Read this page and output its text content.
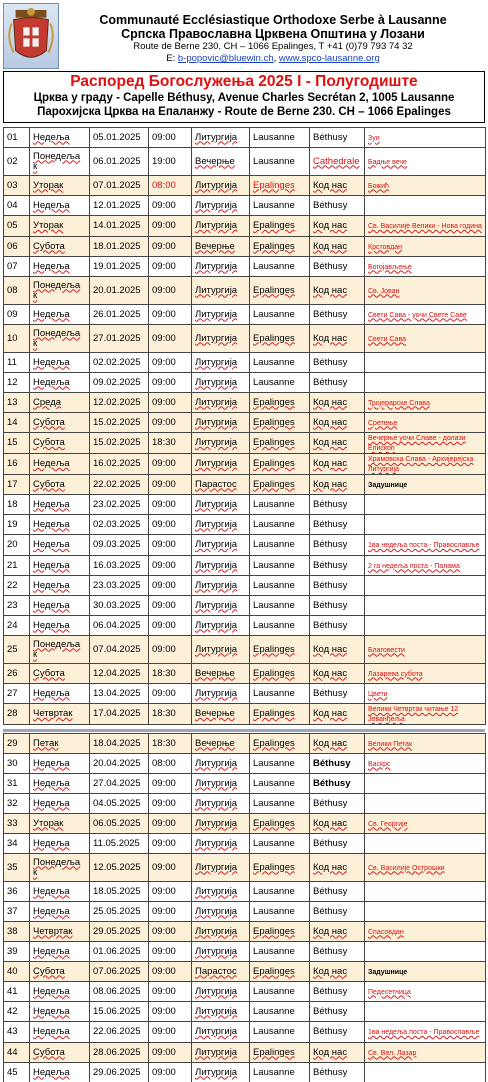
Communauté Ecclésiastique Orthodoxe Serbe à Lausanne
Српска Православна Црквена Општина у Лозани
Route de Berne 230. CH – 1066 Epalinges, T +41 (0)79 793 74 32
E: b-popovic@bluewin.ch, www.spco-lausanne.org
Распоред Богослужења 2025 I - Полугодиште
Црква у граду - Capelle Béthusy, Avenue Charles Secrétan 2, 1005 Lausanne
Парохијска Црква на Епаланжу - Route de Berne 230. CH – 1066 Epalinges
01	Недеља	05.01.2025	09:00	Литургија	Lausanne	Béthusy	Зуи
02	Понедеља к	06.01.2025	19:00	Вечерње	Lausanne	Cathedrale	Бадње вече
03	Уторак	07.01.2025	08:00	Литургија	Epalinges	Код нас	Божић
04	Недеља	12.01.2025	09:00	Литургија	Lausanne	Béthusy	
05	Уторак	14.01.2025	09:00	Литургија	Epalinges	Код нас	Св. Василије Велики - Нова година
06	Субота	18.01.2025	09:00	Вечерње	Epalinges	Код нас	Крстовдан
07	Недеља	19.01.2025	09:00	Литургија	Lausanne	Béthusy	Богојављење
08	Понедеља к	20.01.2025	09:00	Литургија	Epalinges	Код нас	Св. Јован
09	Недеља	26.01.2025	09:00	Литургија	Lausanne	Béthusy	Свети Сава - уочи Свете Саве
10	Понедеља к	27.01.2025	09:00	Литургија	Epalinges	Код нас	Свети Сава
11	Недеља	02.02.2025	09:00	Литургија	Lausanne	Béthusy	
12	Недеља	09.02.2025	09:00	Литургија	Lausanne	Béthusy	
13	Среда	12.02.2025	09:00	Литургија	Epalinges	Код нас	Тројерарске Слава
14	Субота	15.02.2025	09:00	Литургија	Epalinges	Код нас	Сретење
15	Субота	15.02.2025	18:30	Литургија	Epalinges	Код нас	Вечерње уочи Славе - долази Епископ
16	Недеља	16.02.2025	09:00	Литургија	Epalinges	Код нас	Храмовска Слава - Архијерејска Литургија
17	Субота	22.02.2025	09:00	Парастос	Epalinges	Код нас	Задушнице
18	Недеља	23.02.2025	09:00	Литургија	Lausanne	Béthusy	
19	Недеља	02.03.2025	09:00	Литургија	Lausanne	Béthusy	
20	Недеља	09.03.2025	09:00	Литургија	Lausanne	Béthusy	1ва недеља поста - Православље
21	Недеља	16.03.2025	09:00	Литургија	Lausanne	Béthusy	2 га недеља поста - Палама
22	Недеља	23.03.2025	09:00	Литургија	Lausanne	Béthusy	
23	Недеља	30.03.2025	09:00	Литургија	Lausanne	Béthusy	
24	Недеља	06.04.2025	09:00	Литургија	Lausanne	Béthusy	
25	Понедеља к	07.04.2025	09:00	Литургија	Epalinges	Код нас	Благовести
26	Субота	12.04.2025	18:30	Вечерње	Epalinges	Код нас	Лазарева субота
27	Недеља	13.04.2025	09:00	Литургија	Lausanne	Béthusy	Цвети
28	Четвртак	17.04.2025	18:30	Вечерње	Epalinges	Код нас	Велики Четвртак читање 12 Јеванђеља
29	Петак	18.04.2025	18:30	Вечерње	Epalinges	Код нас	Велики Петак
30	Недеља	20.04.2025	08:00	Литургија	Lausanne	Béthusy	Васкрс
31	Недеља	27.04.2025	09:00	Литургија	Lausanne	Béthusy	
32	Недеља	04.05.2025	09:00	Литургија	Lausanne	Béthusy	
33	Уторак	06.05.2025	09:00	Литургија	Epalinges	Код нас	Св. Георгије
34	Недеља	11.05.2025	09:00	Литургија	Lausanne	Béthusy	
35	Понедеља к	12.05.2025	09:00	Литургија	Epalinges	Код нас	Св. Василије Острошки
36	Недеља	18.05.2025	09:00	Литургија	Lausanne	Béthusy	
37	Недеља	25.05.2025	09:00	Литургија	Lausanne	Béthusy	
38	Четвртак	29.05.2025	09:00	Литургија	Epalinges	Код нас	Спасовдан
39	Недеља	01.06.2025	09:00	Литургија	Lausanne	Béthusy	
40	Субота	07.06.2025	09:00	Парастос	Epalinges	Код нас	Задушнице
41	Недеља	08.06.2025	09:00	Литургија	Lausanne	Béthusy	Педесетница
42	Недеља	15.06.2025	09:00	Литургија	Lausanne	Béthusy	
43	Недеља	22.06.2025	09:00	Литургија	Lausanne	Béthusy	1ва недеља поста - Православље
44	Субота	28.06.2025	09:00	Литургија	Epalinges	Код нас	Св. Вел. Лазар
45	Недеља	29.06.2025	09:00	Литургија	Lausanne	Béthusy	
